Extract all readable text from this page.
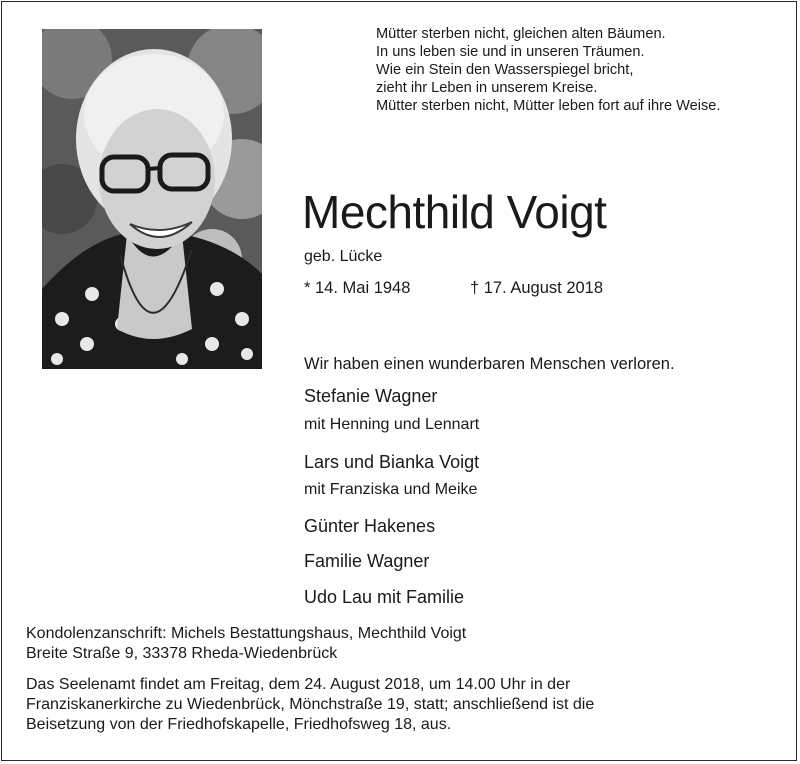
Mütter sterben nicht, gleichen alten Bäumen.
In uns leben sie und in unseren Träumen.
Wie ein Stein den Wasserspiegel bricht,
zieht ihr Leben in unserem Kreise.
Mütter sterben nicht, Mütter leben fort auf ihre Weise.
Mechthild Voigt
geb. Lücke
* 14. Mai 1948	† 17. August 2018
Wir haben einen wunderbaren Menschen verloren.
Stefanie Wagner
mit Henning und Lennart
Lars und Bianka Voigt
mit Franziska und Meike
Günter Hakenes
Familie Wagner
Udo Lau mit Familie
Kondolenzanschrift: Michels Bestattungshaus, Mechthild Voigt
Breite Straße 9, 33378 Rheda-Wiedenbrück
Das Seelenamt findet am Freitag, dem 24. August 2018, um 14.00 Uhr in der
Franziskanerkirche zu Wiedenbrück, Mönchstraße 19, statt; anschließend ist die
Beisetzung von der Friedhofskapelle, Friedhofsweg 18, aus.
